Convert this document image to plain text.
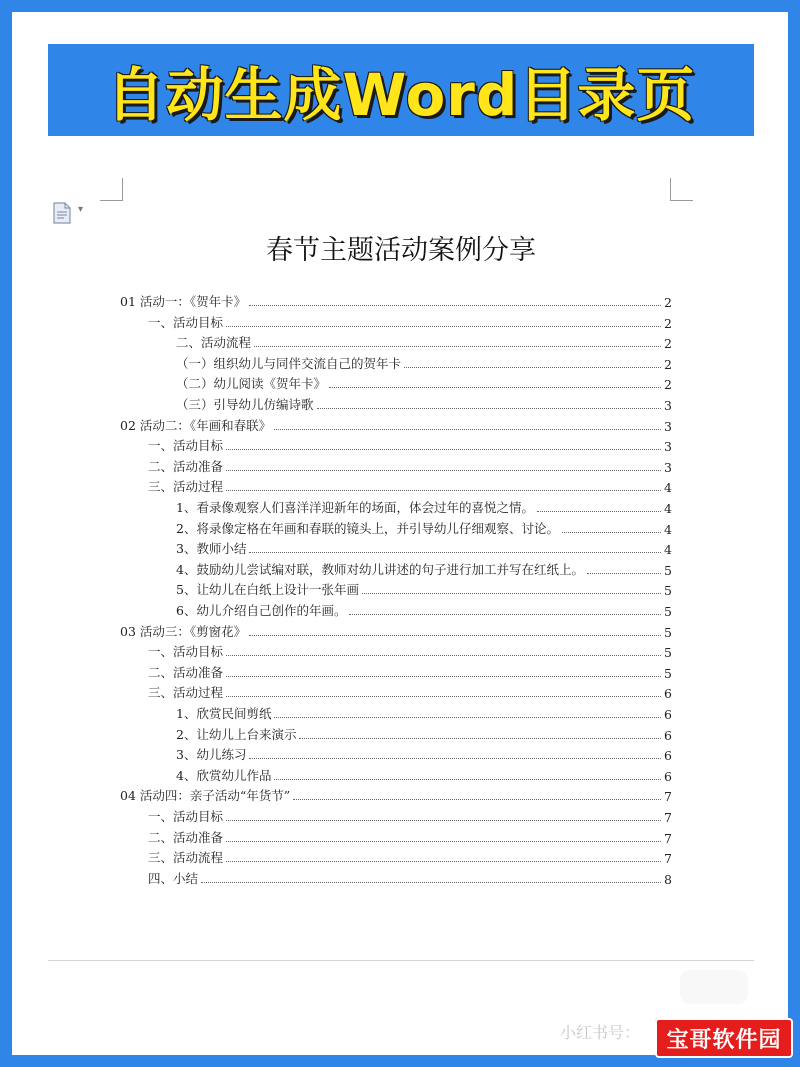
自动生成Word目录页
▾
春节主题活动案例分享
01 活动一：《贺年卡》	2
一、活动目标	2
二、活动流程	2
（一）组织幼儿与同伴交流自己的贺年卡	2
（二）幼儿阅读《贺年卡》	2
（三）引导幼儿仿编诗歌	3
02 活动二：《年画和春联》	3
一、活动目标	3
二、活动准备	3
三、活动过程	4
1、看录像观察人们喜洋洋迎新年的场面，体会过年的喜悦之情。	4
2、将录像定格在年画和春联的镜头上，并引导幼儿仔细观察、讨论。	4
3、教师小结	4
4、鼓励幼儿尝试编对联，教师对幼儿讲述的句子进行加工并写在红纸上。	5
5、让幼儿在白纸上设计一张年画	5
6、幼儿介绍自己创作的年画。	5
03 活动三：《剪窗花》	5
一、活动目标	5
二、活动准备	5
三、活动过程	6
1、欣赏民间剪纸	6
2、让幼儿上台来演示	6
3、幼儿练习	6
4、欣赏幼儿作品	6
04 活动四：亲子活动“年货节”	7
一、活动目标	7
二、活动准备	7
三、活动流程	7
四、小结	8
小红书号： 宝哥软件园
